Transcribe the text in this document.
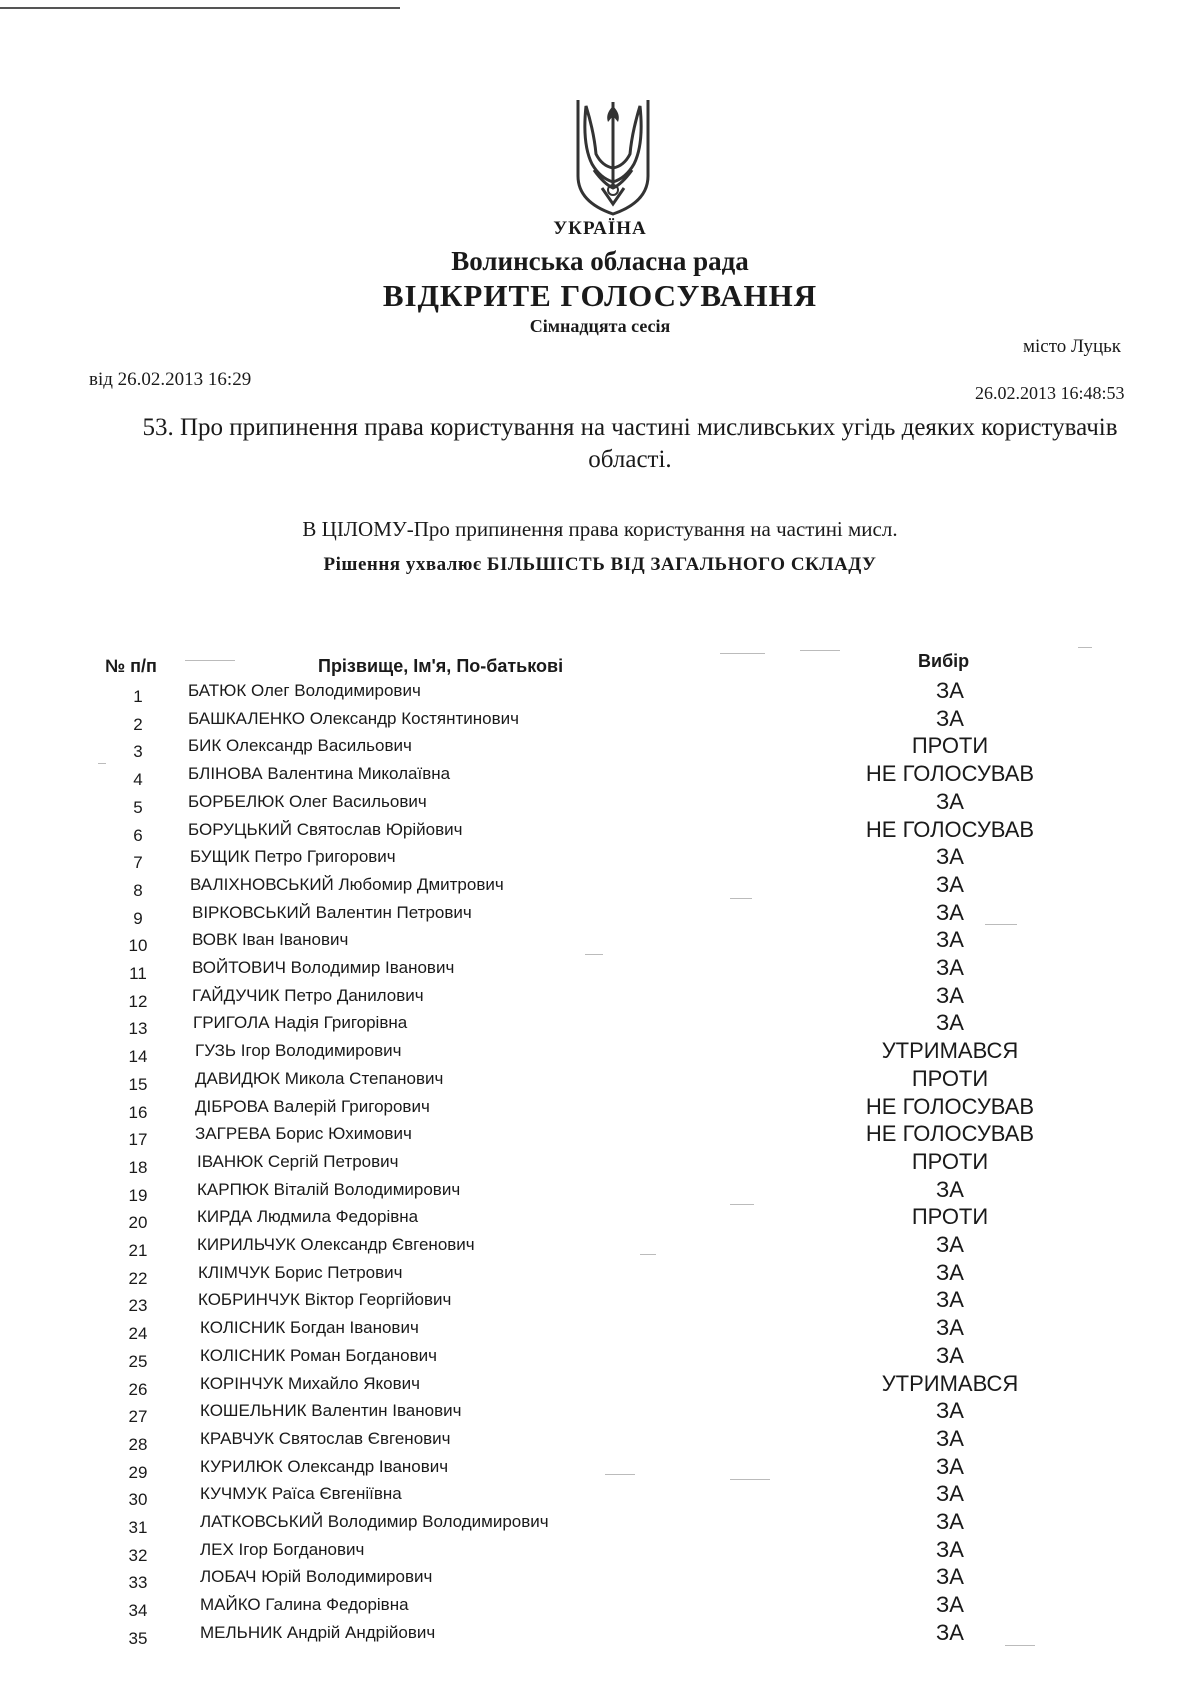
УКРАЇНА
Волинська обласна рада
ВІДКРИТЕ ГОЛОСУВАННЯ
Сімнадцята сесія
місто Луцьк
від 26.02.2013 16:29
26.02.2013 16:48:53
53. Про припинення права користування на частині мисливських угідь деяких користувачів області.
В ЦІЛОМУ-Про припинення права користування на частині мисл.
Рішення ухвалює БІЛЬШІСТЬ ВІД ЗАГАЛЬНОГО СКЛАДУ
№ п/п	Прізвище, Ім'я, По-батькові	Вибір
1	БАТЮК Олег Володимирович	ЗА
2	БАШКАЛЕНКО Олександр Костянтинович	ЗА
3	БИК Олександр Васильович	ПРОТИ
4	БЛІНОВА Валентина Миколаївна	НЕ ГОЛОСУВАВ
5	БОРБЕЛЮК Олег Васильович	ЗА
6	БОРУЦЬКИЙ Святослав Юрійович	НЕ ГОЛОСУВАВ
7	БУЩИК Петро Григорович	ЗА
8	ВАЛІХНОВСЬКИЙ Любомир Дмитрович	ЗА
9	ВІРКОВСЬКИЙ Валентин Петрович	ЗА
10	ВОВК Іван Іванович	ЗА
11	ВОЙТОВИЧ Володимир Іванович	ЗА
12	ГАЙДУЧИК Петро Данилович	ЗА
13	ГРИГОЛА Надія Григорівна	ЗА
14	ГУЗЬ Ігор Володимирович	УТРИМАВСЯ
15	ДАВИДЮК Микола Степанович	ПРОТИ
16	ДІБРОВА Валерій Григорович	НЕ ГОЛОСУВАВ
17	ЗАГРЕВА Борис Юхимович	НЕ ГОЛОСУВАВ
18	ІВАНЮК Сергій Петрович	ПРОТИ
19	КАРПЮК Віталій Володимирович	ЗА
20	КИРДА Людмила Федорівна	ПРОТИ
21	КИРИЛЬЧУК Олександр Євгенович	ЗА
22	КЛІМЧУК Борис Петрович	ЗА
23	КОБРИНЧУК Віктор Георгійович	ЗА
24	КОЛІСНИК Богдан Іванович	ЗА
25	КОЛІСНИК Роман Богданович	ЗА
26	КОРІНЧУК Михайло Якович	УТРИМАВСЯ
27	КОШЕЛЬНИК Валентин Іванович	ЗА
28	КРАВЧУК Святослав Євгенович	ЗА
29	КУРИЛЮК Олександр Іванович	ЗА
30	КУЧМУК Раїса Євгеніївна	ЗА
31	ЛАТКОВСЬКИЙ Володимир Володимирович	ЗА
32	ЛЕХ Ігор Богданович	ЗА
33	ЛОБАЧ Юрій Володимирович	ЗА
34	МАЙКО Галина Федорівна	ЗА
35	МЕЛЬНИК Андрій Андрійович	ЗА
